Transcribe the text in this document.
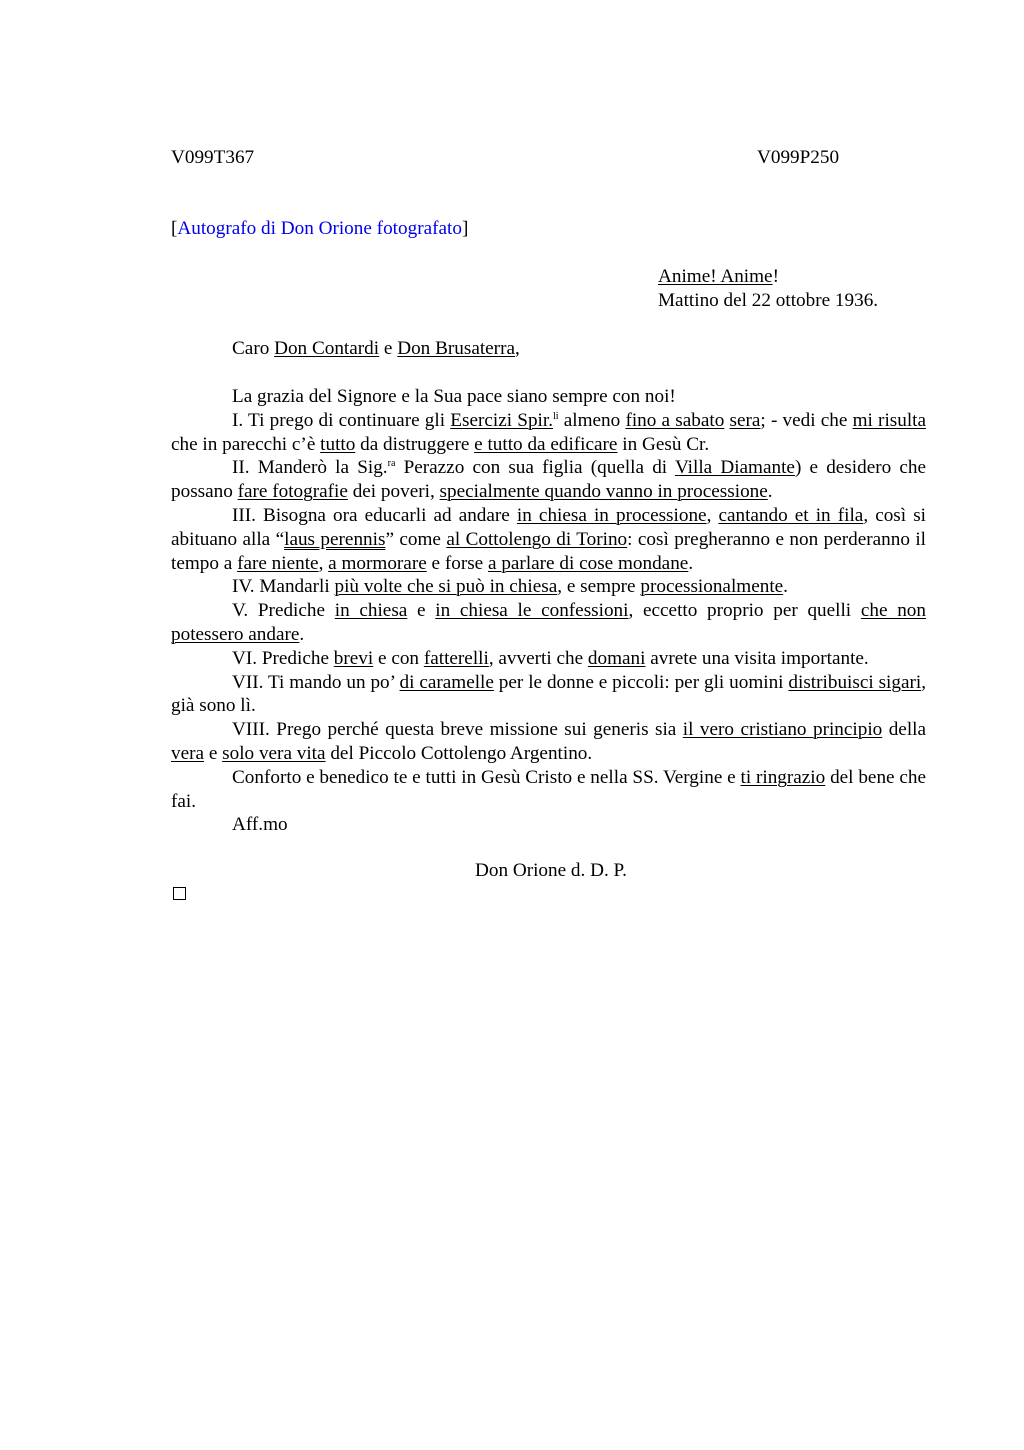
V099T367	V099P250
[Autografo di Don Orione fotografato]
Anime! Anime!
Mattino del 22 ottobre 1936.
Caro Don Contardi e Don Brusaterra,

La grazia del Signore e la Sua pace siano sempre con noi!

I. Ti prego di continuare gli Esercizi Spir.$^{li}$ almeno fino a sabato sera; - vedi che mi risulta che in parecchi c’è tutto da distruggere e tutto da edificare in Gesù Cr.

II. Manderò la Sig.$^{ra}$ Perazzo con sua figlia (quella di Villa Diamante) e desidero che possano fare fotografie dei poveri, specialmente quando vanno in processione.

III. Bisogna ora educarli ad andare in chiesa in processione, cantando et in fila, così si abituano alla “laus perennis” come al Cottolengo di Torino: così pregheranno e non perderanno il tempo a fare niente, a mormorare e forse a parlare di cose mondane.

IV. Mandarli più volte che si può in chiesa, e sempre processionalmente.

V. Prediche in chiesa e in chiesa le confessioni, eccetto proprio per quelli che non potessero andare.

VI. Prediche brevi e con fatterelli, avverti che domani avrete una visita importante.

VII. Ti mando un po’ di caramelle per le donne e piccoli: per gli uomini distribuisci sigari, già sono lì.

VIII. Prego perché questa breve missione sui generis sia il vero cristiano principio della vera e solo vera vita del Piccolo Cottolengo Argentino.

Conforto e benedico te e tutti in Gesù Cristo e nella SS. Vergine e ti ringrazio del bene che fai.

Aff.mo

Don Orione d. D. P.
